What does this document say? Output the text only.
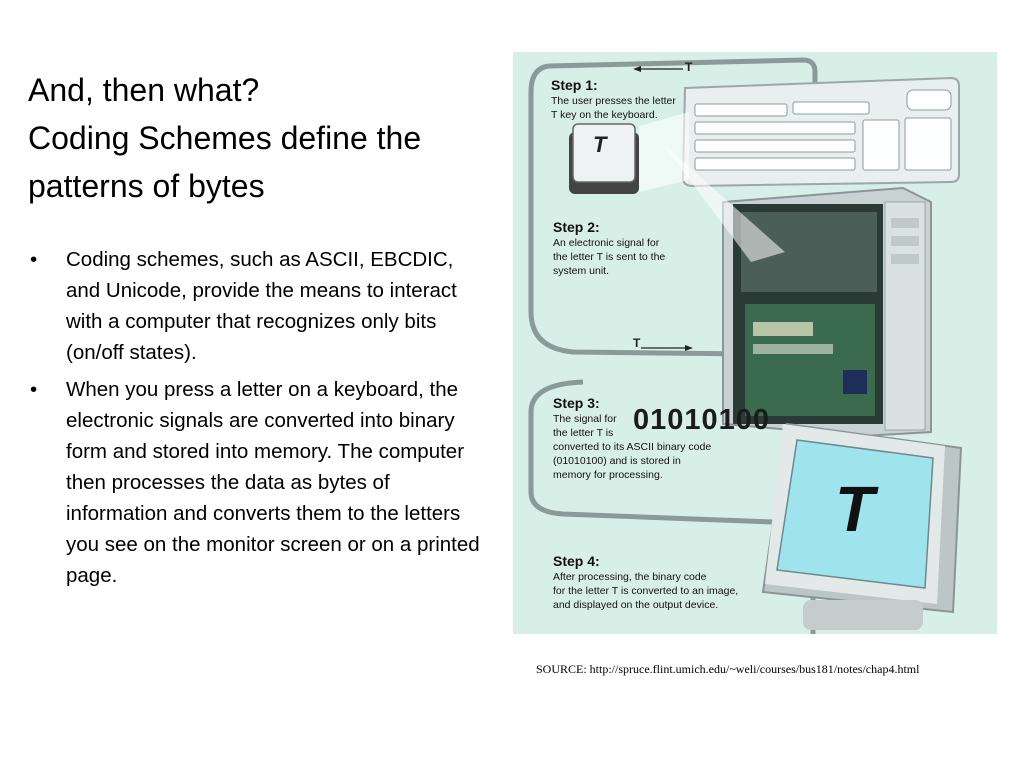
And, then what?
Coding Schemes define the
patterns of bytes
• Coding schemes, such as ASCII, EBCDIC, and Unicode, provide the means to interact with a computer that recognizes only bits (on/off states).
• When you press a letter on a keyboard, the electronic signals are converted into binary form and stored into memory. The computer then processes the data as bytes of information and converts them to the letters you see on the monitor screen or on a printed page.
T
T
T
T
Step 1:
The user presses the letter
T key on the keyboard.
Step 2:
An electronic signal for
the letter T is sent to the
system unit.
Step 3:
The signal for
the letter T is
converted to its ASCII binary code
(01010100) and is stored in
memory for processing.
01010100
Step 4:
After processing, the binary code
for the letter T is converted to an image,
and displayed on the output device.
SOURCE: http://spruce.flint.umich.edu/~weli/courses/bus181/notes/chap4.html
